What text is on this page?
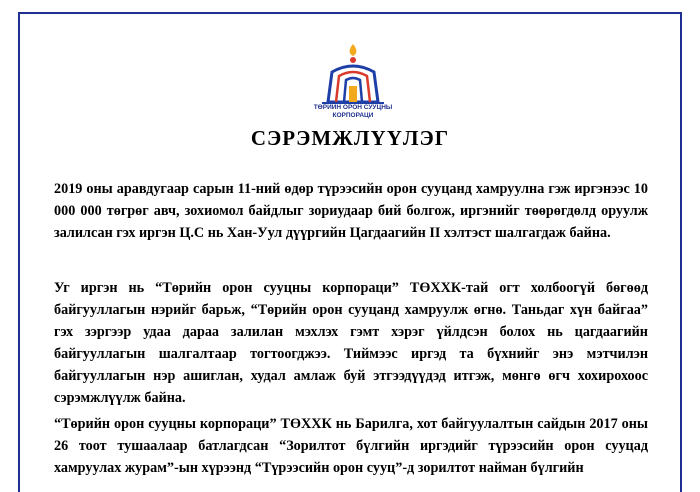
ТӨРИЙН ОРОН СУУЦНЫ
КОРПОРАЦИ
СЭРЭМЖЛҮҮЛЭГ

2019 оны аравдугаар сарын 11-ний өдөр түрээсийн орон сууцанд хамруулна гэж иргэнээс 10 000 000 төгрөг авч, зохиомол байдлыг зориудаар бий болгож, иргэнийг төөрөгдөлд оруулж залилсан гэх иргэн Ц.С нь Хан-Уул дүүргийн Цагдаагийн II хэлтэст шалгагдаж байна.

Уг иргэн нь “Төрийн орон сууцны корпораци” ТӨХХК-тай огт холбоогүй бөгөөд байгууллагын нэрийг барьж, “Төрийн орон сууцанд хамруулж өгнө. Таньдаг хүн байгаа” гэх зэргээр удаа дараа залилан мэхлэх гэмт хэрэг үйлдсэн болох нь цагдаагийн байгууллагын шалгалтаар тогтоогджээ. Тиймээс иргэд та бүхнийг энэ мэтчилэн байгууллагын нэр ашиглан, худал амлаж буй этгээдүүдэд итгэж, мөнгө өгч хохирохоос сэрэмжлүүлж байна.

“Төрийн орон сууцны корпораци” ТӨХХК нь Барилга, хот байгуулалтын сайдын 2017 оны 26 тоот тушаалаар батлагдсан “Зорилтот бүлгийн иргэдийг түрээсийн орон сууцад хамруулах журам”-ын хүрээнд “Түрээсийн орон сууц”-д зорилтот найман бүлгийн
